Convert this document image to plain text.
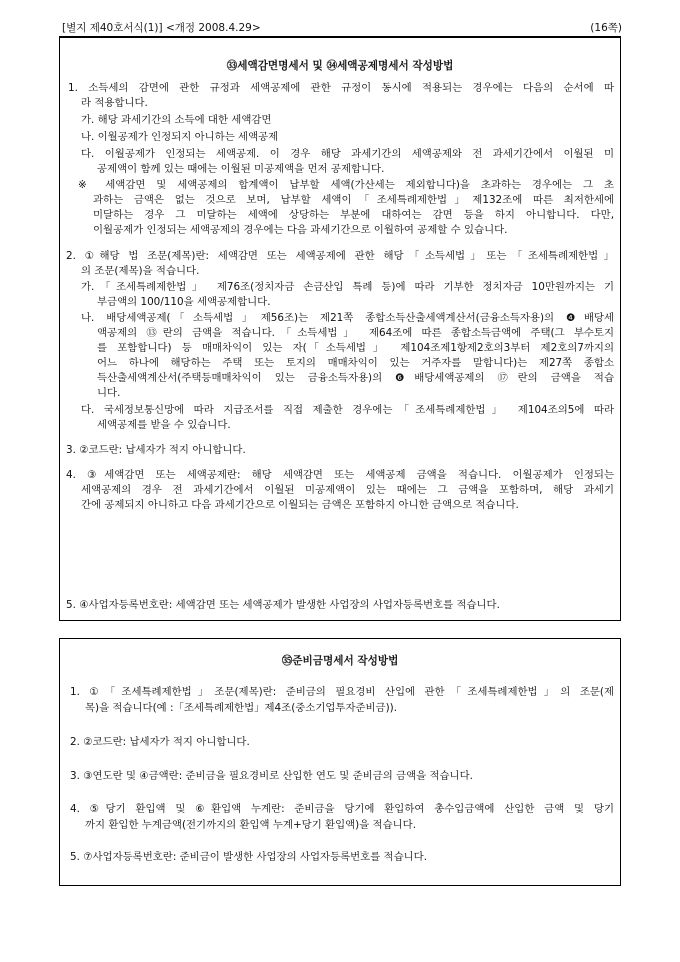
[별지 제40호서식(1)] <개정 2008.4.29>	(16쪽)
㉝세액감면명세서 및 ㉞세액공제명세서 작성방법
1. 소득세의 감면에 관한 규정과 세액공제에 관한 규정이 동시에 적용되는 경우에는 다음의 순서에 따
라 적용합니다.
가. 해당 과세기간의 소득에 대한 세액감면
나. 이월공제가 인정되지 아니하는 세액공제
다. 이월공제가 인정되는 세액공제. 이 경우 해당 과세기간의 세액공제와 전 과세기간에서 이월된 미
공제액이 함께 있는 때에는 이월된 미공제액을 먼저 공제합니다.
※ 세액감면 및 세액공제의 합계액이 납부할 세액(가산세는 제외합니다)을 초과하는 경우에는 그 초
과하는 금액은 없는 것으로 보며, 납부할 세액이「조세특례제한법」제132조에 따른 최저한세에
미달하는 경우 그 미달하는 세액에 상당하는 부분에 대하여는 감면 등을 하지 아니합니다. 다만,
이월공제가 인정되는 세액공제의 경우에는 다음 과세기간으로 이월하여 공제할 수 있습니다.
2. ①해당 법 조문(제목)란: 세액감면 또는 세액공제에 관한 해당「소득세법」또는「조세특례제한법」
의 조문(제목)을 적습니다.
가.「조세특례제한법」 제76조(정치자금 손금산입 특례 등)에 따라 기부한 정치자금 10만원까지는 기
부금액의 100/110을 세액공제합니다.
나. 배당세액공제(「소득세법」제56조)는 제21쪽 종합소득산출세액계산서(금융소득자용)의 ❹배당세
액공제의 ⑬란의 금액을 적습니다.「소득세법」 제64조에 따른 종합소득금액에 주택(그 부수토지
를 포함합니다) 등 매매차익이 있는 자(「소득세법」 제104조제1항제2호의3부터 제2호의7까지의
어느 하나에 해당하는 주택 또는 토지의 매매차익이 있는 거주자를 말합니다)는 제27쪽 종합소
득산출세액계산서(주택등매매차익이 있는 금융소득자용)의 ❻배당세액공제의 ⑰란의 금액을 적습
니다.
다. 국세정보통신망에 따라 지급조서를 직접 제출한 경우에는「조세특례제한법」 제104조의5에 따라
세액공제를 받을 수 있습니다.
3. ②코드란: 납세자가 적지 아니합니다.
4. ③세액감면 또는 세액공제란: 해당 세액감면 또는 세액공제 금액을 적습니다. 이월공제가 인정되는
세액공제의 경우 전 과세기간에서 이월된 미공제액이 있는 때에는 그 금액을 포함하며, 해당 과세기
간에 공제되지 아니하고 다음 과세기간으로 이월되는 금액은 포함하지 아니한 금액으로 적습니다.
5. ④사업자등록번호란: 세액감면 또는 세액공제가 발생한 사업장의 사업자등록번호를 적습니다.
㉟준비금명세서 작성방법
1. ①「조세특례제한법」조문(제목)란: 준비금의 필요경비 산입에 관한「조세특례제한법」의 조문(제
목)을 적습니다(예 :「조세특례제한법」제4조(중소기업투자준비금)).
2. ②코드란: 납세자가 적지 아니합니다.
3. ③연도란 및 ④금액란: 준비금을 필요경비로 산입한 연도 및 준비금의 금액을 적습니다.
4. ⑤당기 환입액 및 ⑥환입액 누계란: 준비금을 당기에 환입하여 총수입금액에 산입한 금액 및 당기
까지 환입한 누계금액(전기까지의 환입액 누계+당기 환입액)을 적습니다.
5. ⑦사업자등록번호란: 준비금이 발생한 사업장의 사업자등록번호를 적습니다.
